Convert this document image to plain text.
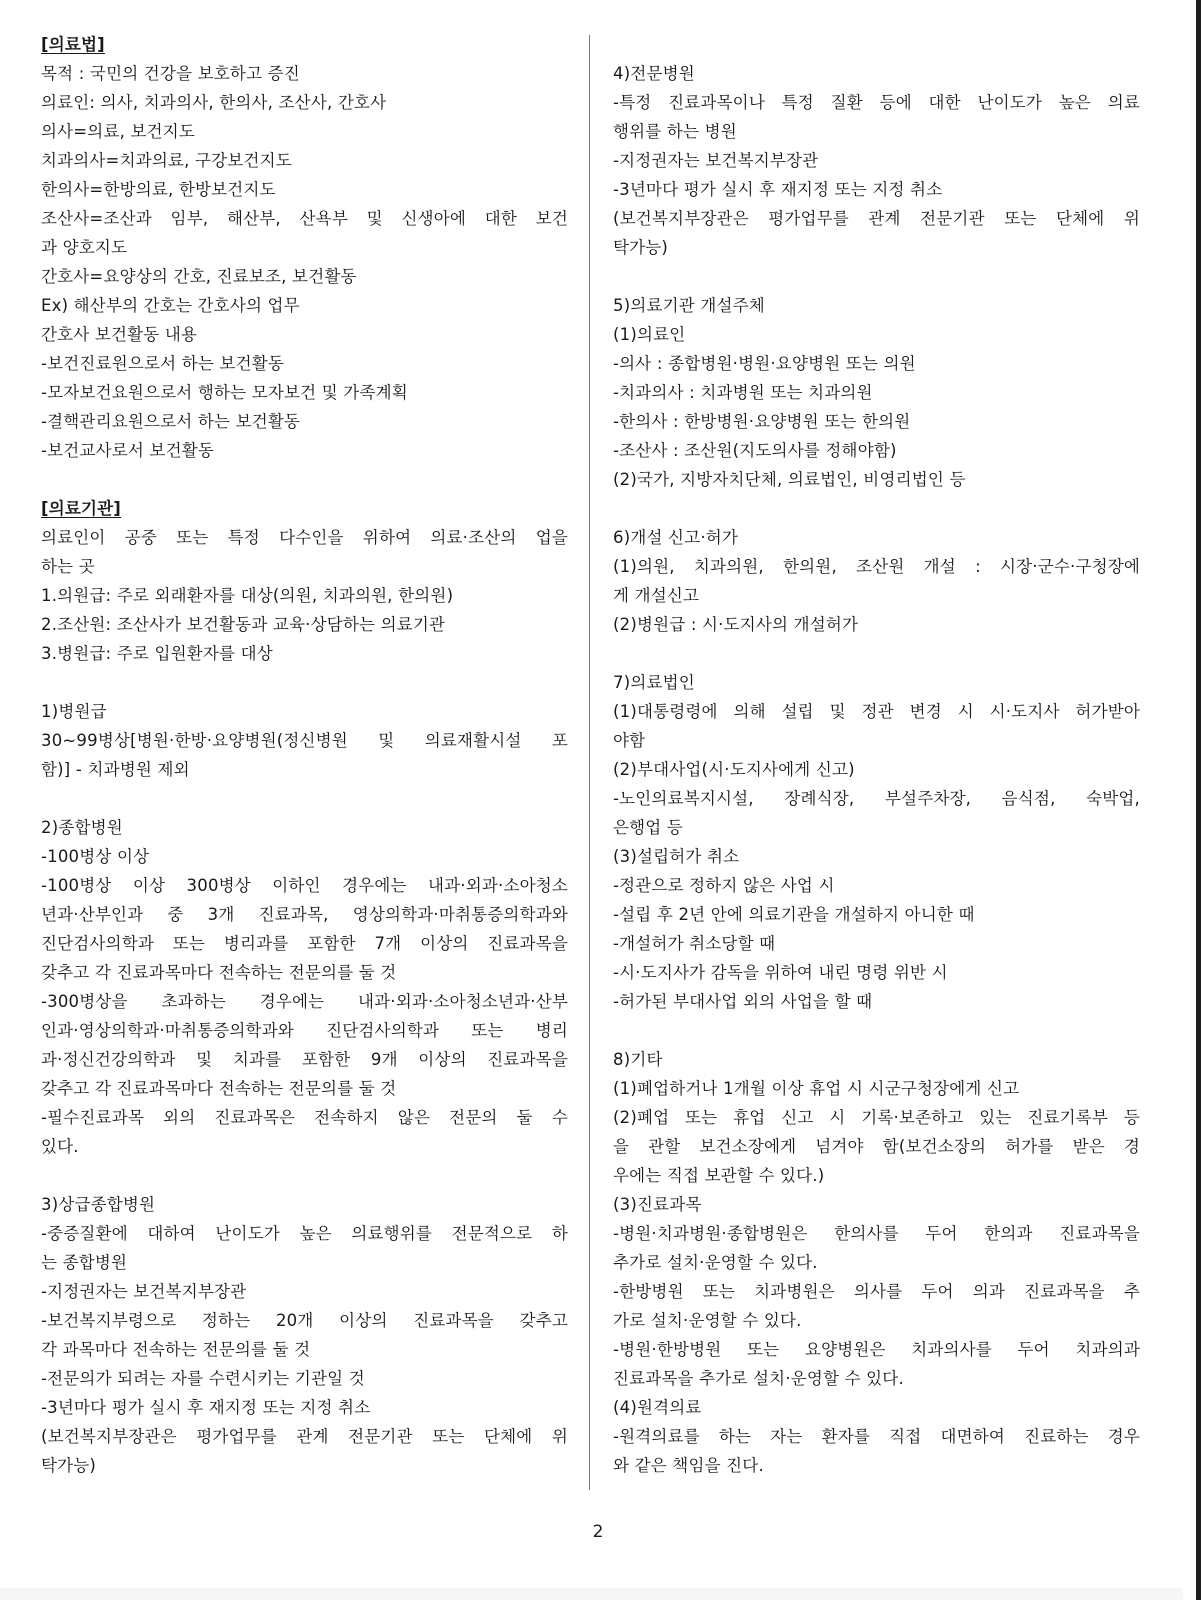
[의료법]
목적 : 국민의 건강을 보호하고 증진
의료인: 의사, 치과의사, 한의사, 조산사, 간호사
의사=의료, 보건지도
치과의사=치과의료, 구강보건지도
한의사=한방의료, 한방보건지도
조산사=조산과 임부, 해산부, 산욕부 및 신생아에 대한 보건
과 양호지도
간호사=요양상의 간호, 진료보조, 보건활동
Ex) 해산부의 간호는 간호사의 업무
간호사 보건활동 내용
-보건진료원으로서 하는 보건활동
-모자보건요원으로서 행하는 모자보건 및 가족계획
-결핵관리요원으로서 하는 보건활동
-보건교사로서 보건활동
[의료기관]
의료인이 공중 또는 특정 다수인을 위하여 의료·조산의 업을
하는 곳
1.의원급: 주로 외래환자를 대상(의원, 치과의원, 한의원)
2.조산원: 조산사가 보건활동과 교육·상담하는 의료기관
3.병원급: 주로 입원환자를 대상
1)병원급
30~99병상[병원·한방·요양병원(정신병원 및 의료재활시설 포
함)] - 치과병원 제외
2)종합병원
-100병상 이상
-100병상 이상 300병상 이하인 경우에는 내과·외과·소아청소
년과·산부인과 중 3개 진료과목, 영상의학과·마취통증의학과와
진단검사의학과 또는 병리과를 포함한 7개 이상의 진료과목을
갖추고 각 진료과목마다 전속하는 전문의를 둘 것
-300병상을 초과하는 경우에는 내과·외과·소아청소년과·산부
인과·영상의학과·마취통증의학과와 진단검사의학과 또는 병리
과·정신건강의학과 및 치과를 포함한 9개 이상의 진료과목을
갖추고 각 진료과목마다 전속하는 전문의를 둘 것
-필수진료과목 외의 진료과목은 전속하지 않은 전문의 둘 수
있다.
3)상급종합병원
-중증질환에 대하여 난이도가 높은 의료행위를 전문적으로 하
는 종합병원
-지정권자는 보건복지부장관
-보건복지부령으로 정하는 20개 이상의 진료과목을 갖추고
각 과목마다 전속하는 전문의를 둘 것
-전문의가 되려는 자를 수련시키는 기관일 것
-3년마다 평가 실시 후 재지정 또는 지정 취소
(보건복지부장관은 평가업무를 관계 전문기관 또는 단체에 위
탁가능)
4)전문병원
-특정 진료과목이나 특정 질환 등에 대한 난이도가 높은 의료
행위를 하는 병원
-지정권자는 보건복지부장관
-3년마다 평가 실시 후 재지정 또는 지정 취소
(보건복지부장관은 평가업무를 관계 전문기관 또는 단체에 위
탁가능)
5)의료기관 개설주체
(1)의료인
-의사 : 종합병원·병원·요양병원 또는 의원
-치과의사 : 치과병원 또는 치과의원
-한의사 : 한방병원·요양병원 또는 한의원
-조산사 : 조산원(지도의사를 정해야함)
(2)국가, 지방자치단체, 의료법인, 비영리법인 등
6)개설 신고·허가
(1)의원, 치과의원, 한의원, 조산원 개설 : 시장·군수·구청장에
게 개설신고
(2)병원급 : 시·도지사의 개설허가
7)의료법인
(1)대통령령에 의해 설립 및 정관 변경 시 시·도지사 허가받아
야함
(2)부대사업(시·도지사에게 신고)
-노인의료복지시설, 장례식장, 부설주차장, 음식점, 숙박업,
은행업 등
(3)설립허가 취소
-정관으로 정하지 않은 사업 시
-설립 후 2년 안에 의료기관을 개설하지 아니한 때
-개설허가 취소당할 때
-시·도지사가 감독을 위하여 내린 명령 위반 시
-허가된 부대사업 외의 사업을 할 때
8)기타
(1)폐업하거나 1개월 이상 휴업 시 시군구청장에게 신고
(2)폐업 또는 휴업 신고 시 기록·보존하고 있는 진료기록부 등
을 관할 보건소장에게 넘겨야 함(보건소장의 허가를 받은 경
우에는 직접 보관할 수 있다.)
(3)진료과목
-병원·치과병원·종합병원은 한의사를 두어 한의과 진료과목을
추가로 설치·운영할 수 있다.
-한방병원 또는 치과병원은 의사를 두어 의과 진료과목을 추
가로 설치·운영할 수 있다.
-병원·한방병원 또는 요양병원은 치과의사를 두어 치과의과
진료과목을 추가로 설치·운영할 수 있다.
(4)원격의료
-원격의료를 하는 자는 환자를 직접 대면하여 진료하는 경우
와 같은 책임을 진다.
2
